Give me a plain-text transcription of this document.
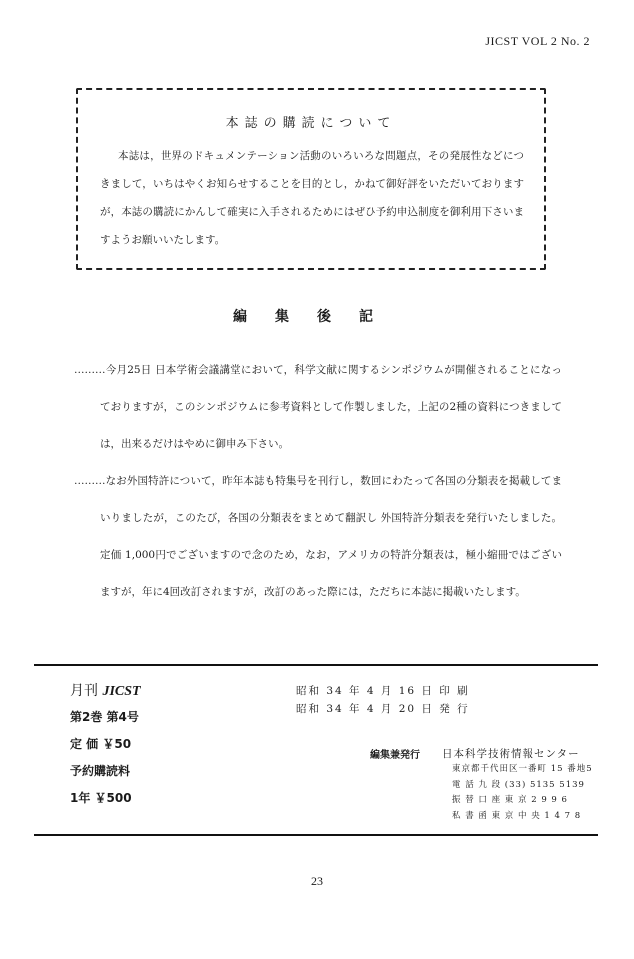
JICST VOL 2 No. 2
本誌の購読について
本誌は，世界のドキュメンテーション活動のいろいろな問題点，その発展性などにつきまして，いちはやくお知らせすることを目的とし，かねて御好評をいただいておりますが，本誌の購読にかんして確実に入手されるためにはぜひ予約申込制度を御利用下さいますようお願いいたします。
編集後記

………今月25日 日本学術会議講堂において，科学文献に関するシンポジウムが開催されることになっておりますが，このシンポジウムに参考資料として作製しました，上記の2種の資料につきましては，出来るだけはやめに御申み下さい。

………なお外国特許について，昨年本誌も特集号を刊行し，数回にわたって各国の分類表を掲載してまいりましたが，このたび，各国の分類表をまとめて翻訳し 外国特許分類表を発行いたしました。定価 1,000円でございますので念のため，なお，アメリカの特許分類表は，極小縮冊ではございますが，年に4回改訂されますが，改訂のあった際には，ただちに本誌に掲載いたします。

月刊 JICST
第2巻 第4号
定 価 ￥50
予約購読料
1年 ￥500
昭和 34 年 4 月 16 日 印 刷
昭和 34 年 4 月 20 日 発 行
編集兼発行 日本科学技術情報センター
東京都千代田区一番町 15 番地5
電 話 九 段 (33) 5135 5139
振 替 口 座 東 京 2 9 9 6
私 書 函 東 京 中 央 1 4 7 8
23
